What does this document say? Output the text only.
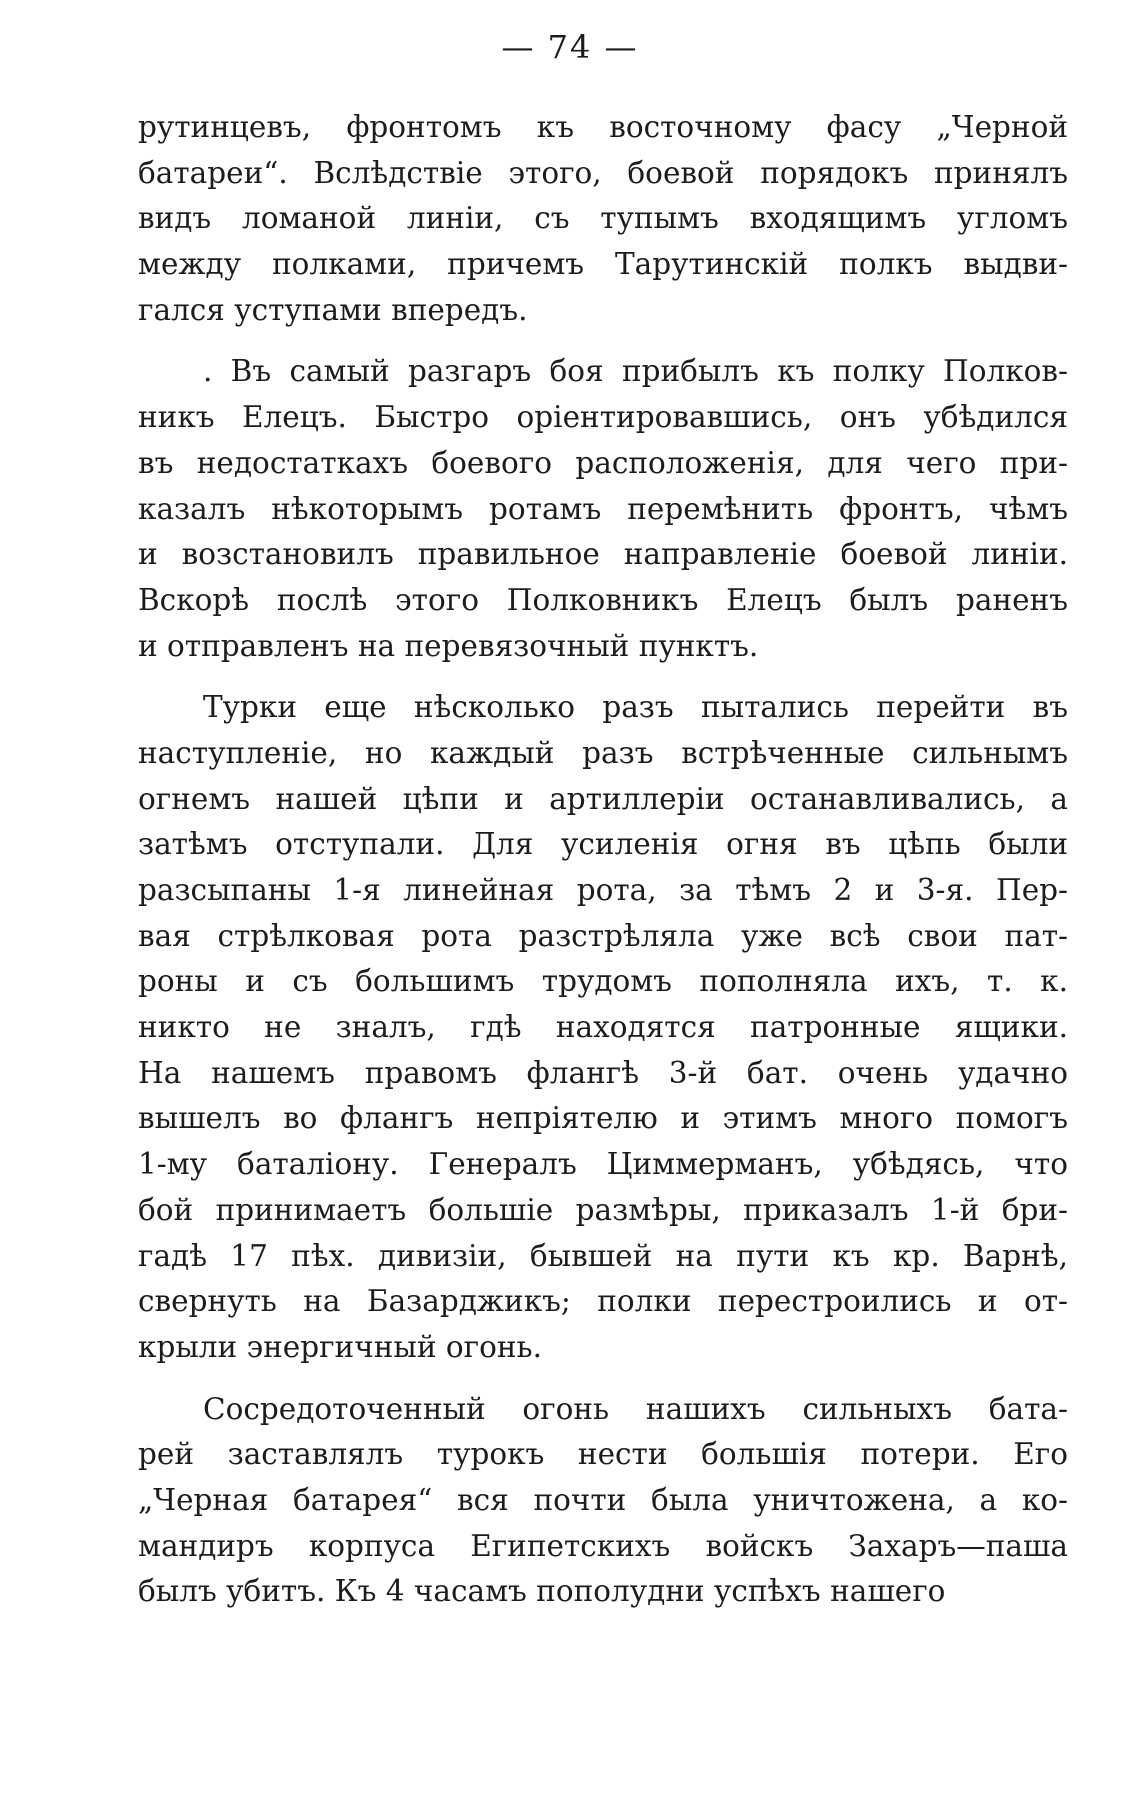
— 74 —
рутинцевъ, фронтомъ къ восточному фасу „Черной
батареи“. Вслѣдствіе этого, боевой порядокъ принялъ
видъ ломаной линіи, съ тупымъ входящимъ угломъ
между полками, причемъ Тарутинскій полкъ выдви-
гался уступами впередъ.
. Въ самый разгаръ боя прибылъ къ полку Полков-
никъ Елецъ. Быстро оріентировавшись, онъ убѣдился
въ недостаткахъ боевого расположенія, для чего при-
казалъ нѣкоторымъ ротамъ перемѣнить фронтъ, чѣмъ
и возстановилъ правильное направленіе боевой линіи.
Вскорѣ послѣ этого Полковникъ Елецъ былъ раненъ
и отправленъ на перевязочный пунктъ.
Турки еще нѣсколько разъ пытались перейти въ
наступленіе, но каждый разъ встрѣченные сильнымъ
огнемъ нашей цѣпи и артиллеріи останавливались, а
затѣмъ отступали. Для усиленія огня въ цѣпь были
разсыпаны 1-я линейная рота, за тѣмъ 2 и 3-я. Пер-
вая стрѣлковая рота разстрѣляла уже всѣ свои пат-
роны и съ большимъ трудомъ пополняла ихъ, т. к.
никто не зналъ, гдѣ находятся патронные ящики.
На нашемъ правомъ флангѣ 3-й бат. очень удачно
вышелъ во флангъ непріятелю и этимъ много помогъ
1-му баталіону. Генералъ Циммерманъ, убѣдясь, что
бой принимаетъ большіе размѣры, приказалъ 1-й бри-
гадѣ 17 пѣх. дивизіи, бывшей на пути къ кр. Варнѣ,
свернуть на Базарджикъ; полки перестроились и от-
крыли энергичный огонь.
Сосредоточенный огонь нашихъ сильныхъ бата-
рей заставлялъ турокъ нести большія потери. Его
„Черная батарея“ вся почти была уничтожена, а ко-
мандиръ корпуса Египетскихъ войскъ Захаръ—паша
былъ убитъ. Къ 4 часамъ пополудни успѣхъ нашего
